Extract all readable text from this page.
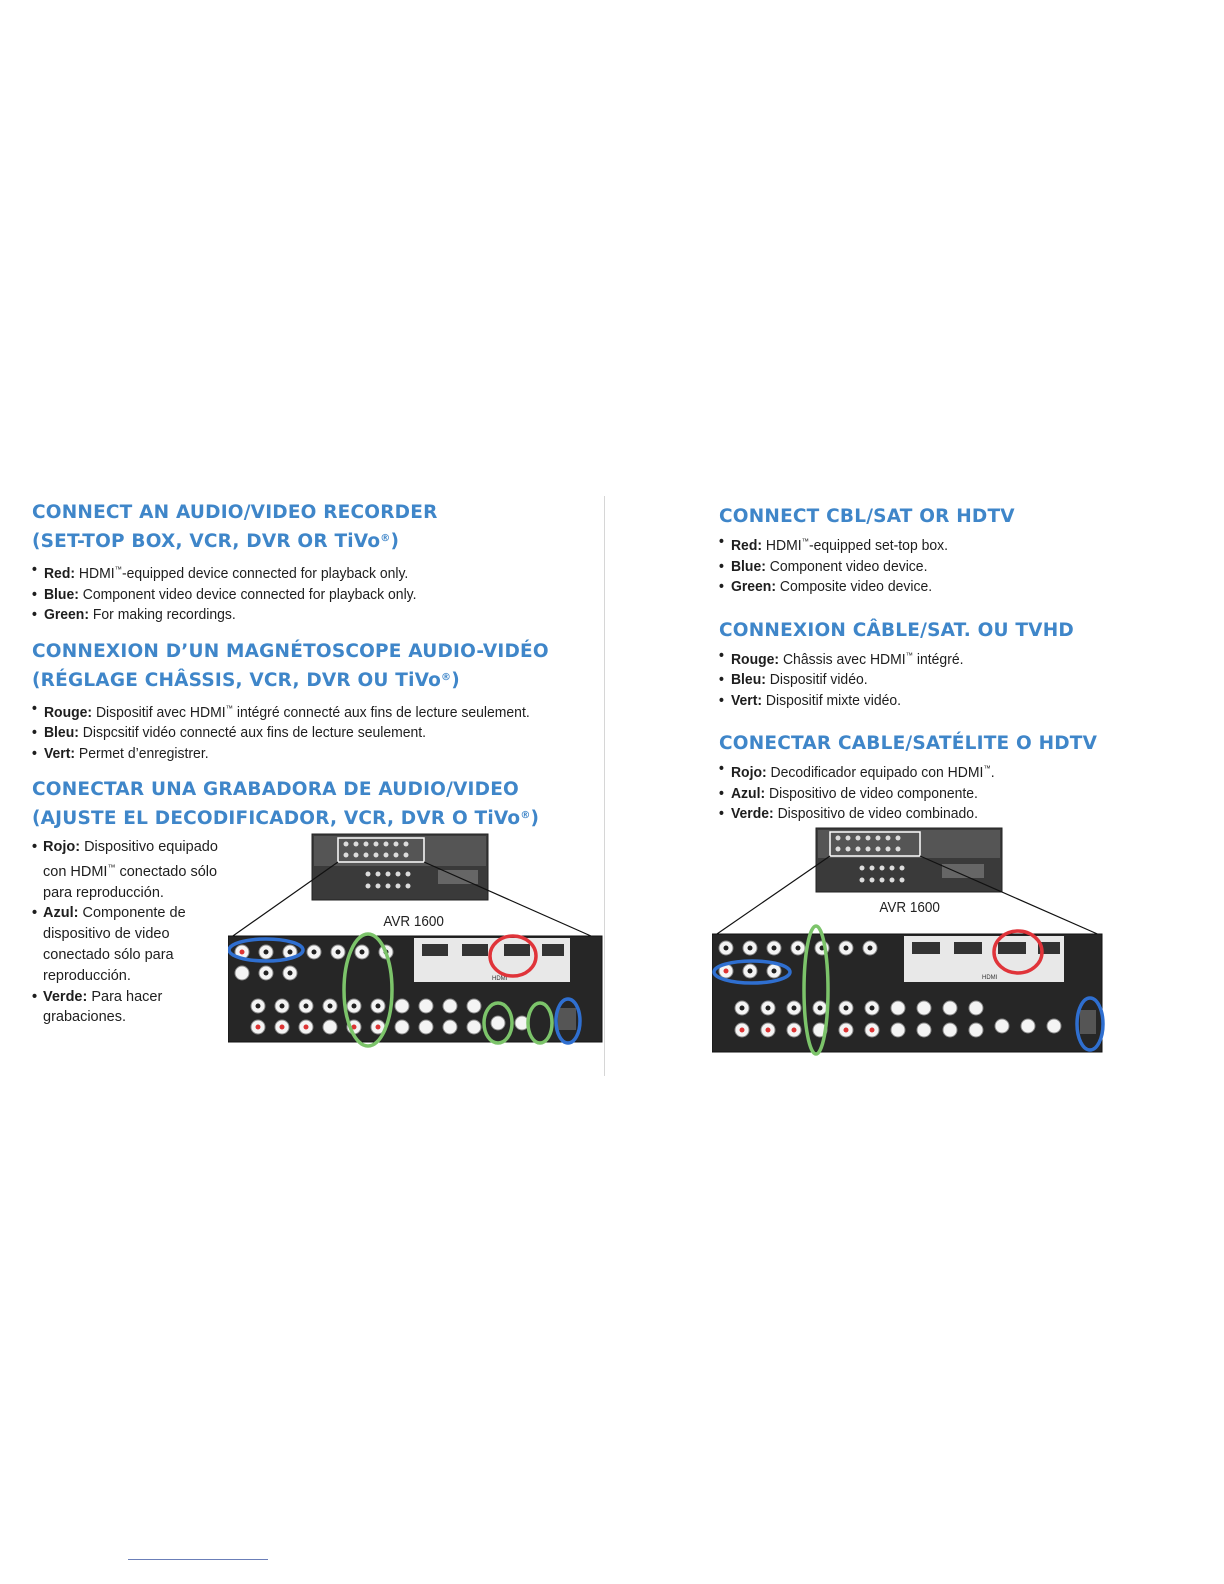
CONNECT AN AUDIO/VIDEO RECORDER
(SET-TOP BOX, VCR, DVR OR TiVo®)
• Red: HDMI™-equipped device connected for playback only.
• Blue: Component video device connected for playback only.
• Green: For making recordings.
CONNEXION D’UN MAGNÉTOSCOPE AUDIO-VIDÉO
(RÉGLAGE CHÂSSIS, VCR, DVR OU TiVo®)
• Rouge: Dispositif avec HDMI™ intégré connecté aux fins de lecture seulement.
• Bleu: Dispcsitif vidéo connecté aux fins de lecture seulement.
• Vert: Permet d’enregistrer.
CONECTAR UNA GRABADORA DE AUDIO/VIDEO
(AJUSTE EL DECODIFICADOR, VCR, DVR O TiVo®)
• Rojo: Dispositivo equipado
con HDMI™ conectado sólo
para reproducción.
• Azul: Componente de
dispositivo de video
conectado sólo para
reproducción.
• Verde: Para hacer
grabaciones.
HDMI
AVR 1600
CONNECT CBL/SAT OR HDTV
• Red: HDMI™-equipped set-top box.
• Blue: Component video device.
• Green: Composite video device.
CONNEXION CÂBLE/SAT. OU TVHD
• Rouge: Châssis avec HDMI™ intégré.
• Bleu: Dispositif vidéo.
• Vert: Dispositif mixte vidéo.
CONECTAR CABLE/SATÉLITE O HDTV
• Rojo: Decodificador equipado con HDMI™.
• Azul: Dispositivo de video componente.
• Verde: Dispositivo de video combinado.
HDMI
AVR 1600
